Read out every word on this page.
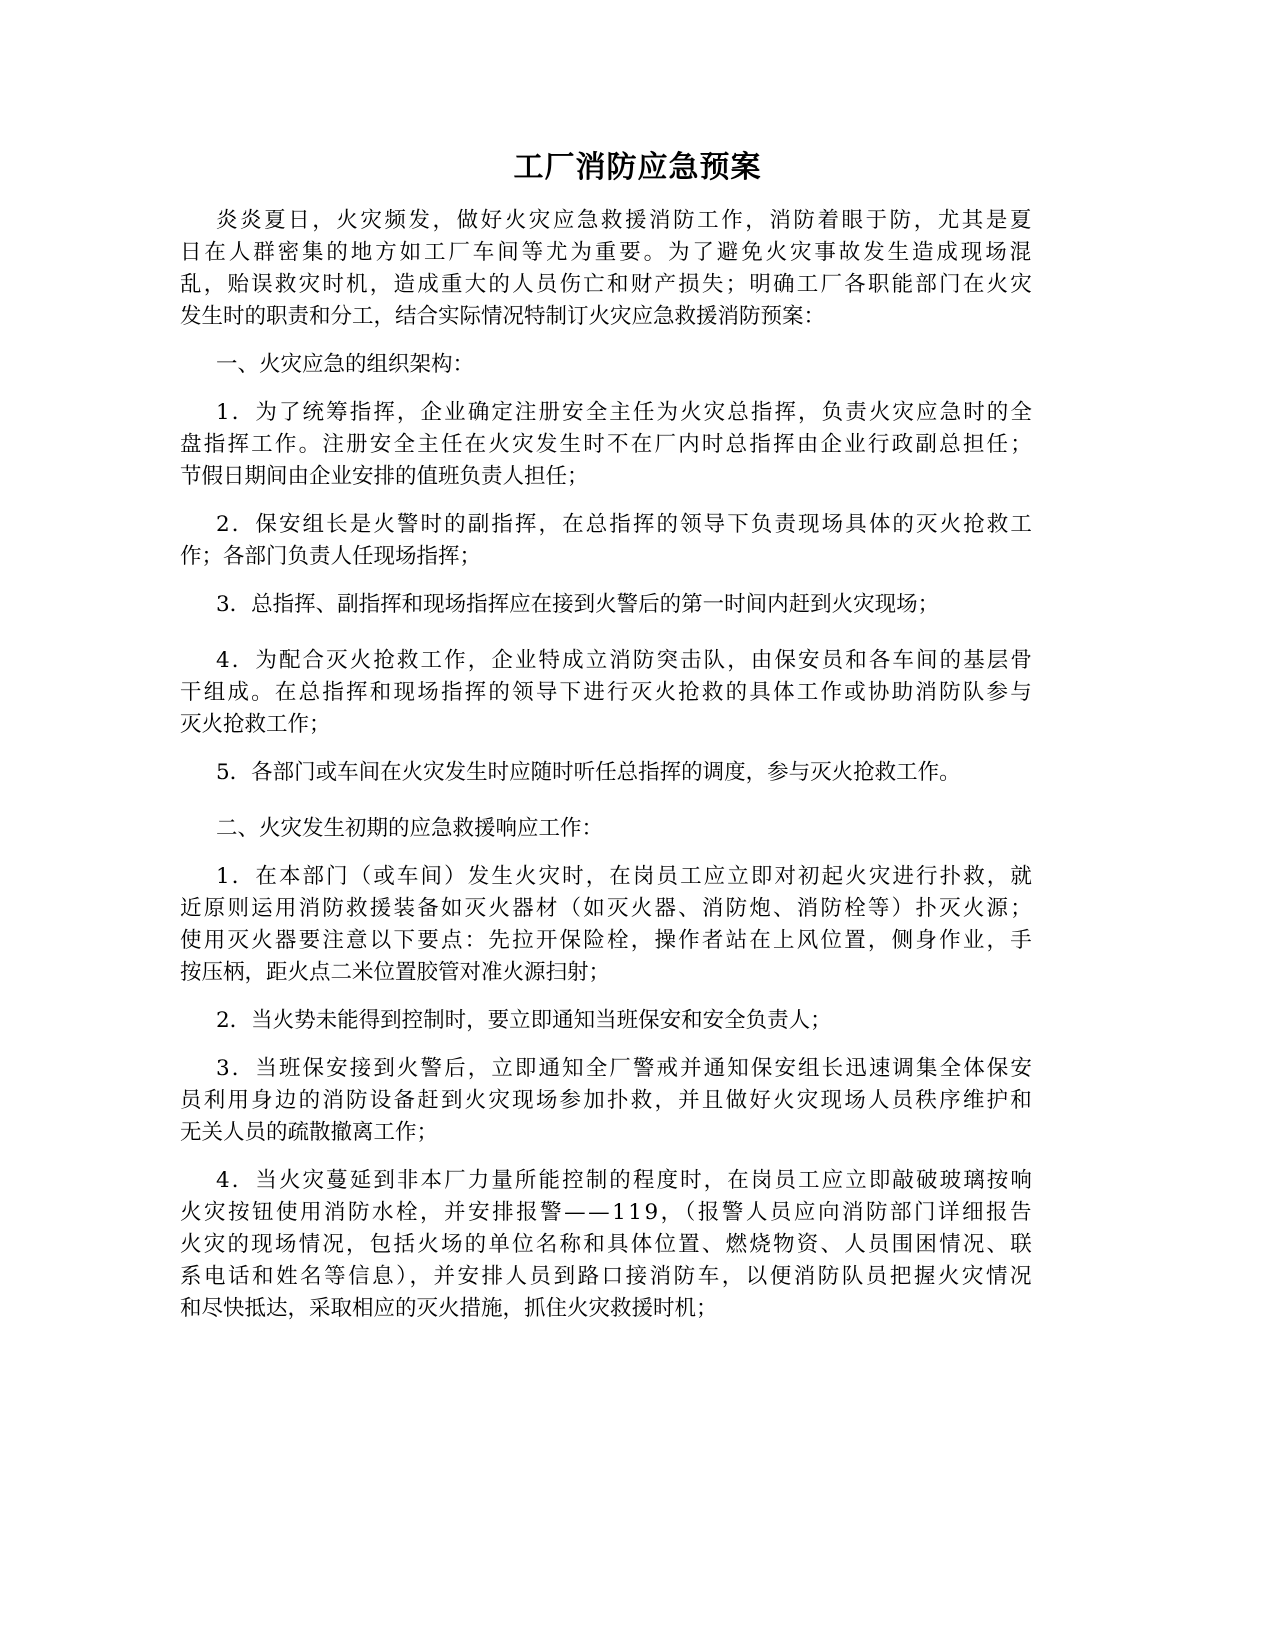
工厂消防应急预案
炎炎夏日，火灾频发，做好火灾应急救援消防工作，消防着眼于防，尤其是夏
日在人群密集的地方如工厂车间等尤为重要。为了避免火灾事故发生造成现场混
乱，贻误救灾时机，造成重大的人员伤亡和财产损失；明确工厂各职能部门在火灾
发生时的职责和分工，结合实际情况特制订火灾应急救援消防预案：
一、火灾应急的组织架构：
1．为了统筹指挥，企业确定注册安全主任为火灾总指挥，负责火灾应急时的全
盘指挥工作。注册安全主任在火灾发生时不在厂内时总指挥由企业行政副总担任；
节假日期间由企业安排的值班负责人担任；
2．保安组长是火警时的副指挥，在总指挥的领导下负责现场具体的灭火抢救工
作；各部门负责人任现场指挥；
3．总指挥、副指挥和现场指挥应在接到火警后的第一时间内赶到火灾现场；
4．为配合灭火抢救工作，企业特成立消防突击队，由保安员和各车间的基层骨
干组成。在总指挥和现场指挥的领导下进行灭火抢救的具体工作或协助消防队参与
灭火抢救工作；
5．各部门或车间在火灾发生时应随时听任总指挥的调度，参与灭火抢救工作。
二、火灾发生初期的应急救援响应工作：
1．在本部门（或车间）发生火灾时，在岗员工应立即对初起火灾进行扑救，就
近原则运用消防救援装备如灭火器材（如灭火器、消防炮、消防栓等）扑灭火源；
使用灭火器要注意以下要点：先拉开保险栓，操作者站在上风位置，侧身作业，手
按压柄，距火点二米位置胶管对准火源扫射；
2．当火势未能得到控制时，要立即通知当班保安和安全负责人；
3．当班保安接到火警后，立即通知全厂警戒并通知保安组长迅速调集全体保安
员利用身边的消防设备赶到火灾现场参加扑救，并且做好火灾现场人员秩序维护和
无关人员的疏散撤离工作；
4．当火灾蔓延到非本厂力量所能控制的程度时，在岗员工应立即敲破玻璃按响
火灾按钮使用消防水栓，并安排报警——119，（报警人员应向消防部门详细报告
火灾的现场情况，包括火场的单位名称和具体位置、燃烧物资、人员围困情况、联
系电话和姓名等信息），并安排人员到路口接消防车，以便消防队员把握火灾情况
和尽快抵达，采取相应的灭火措施，抓住火灾救援时机；
